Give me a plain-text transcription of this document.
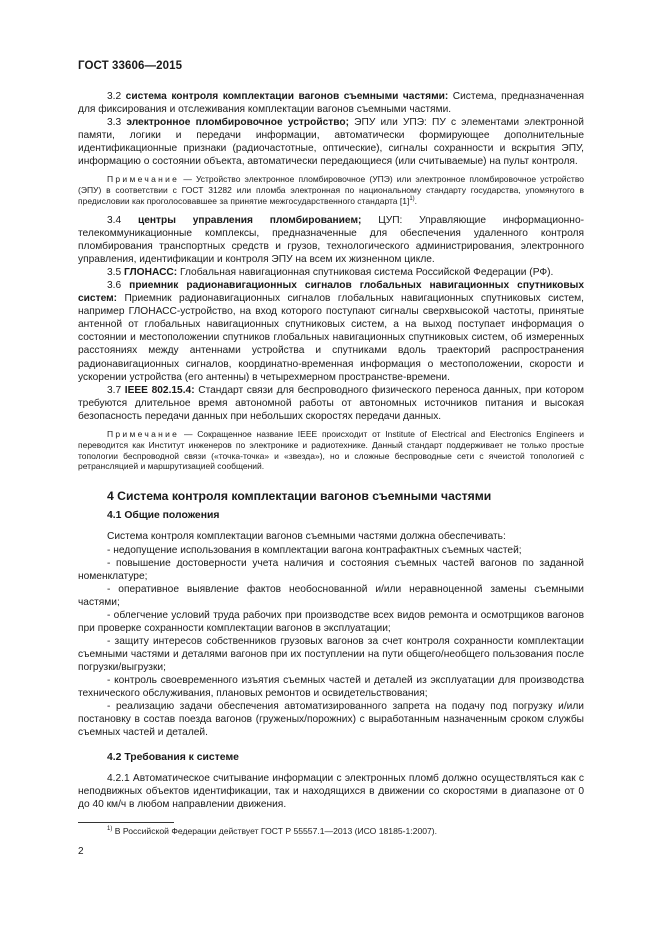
ГОСТ 33606—2015

3.2 система контроля комплектации вагонов съемными частями: Система, предназначенная для фиксирования и отслеживания комплектации вагонов съемными частями.

3.3 электронное пломбировочное устройство; ЭПУ или УПЭ: ПУ с элементами электронной памяти, логики и передачи информации, автоматически формирующее дополнительные идентификационные признаки (радиочастотные, оптические), сигналы сохранности и вскрытия ЭПУ, информацию о состоянии объекта, автоматически передающиеся (или считываемые) на пульт контроля.

Примечание — Устройство электронное пломбировочное (УПЭ) или электронное пломбировочное устройство (ЭПУ) в соответствии с ГОСТ 31282 или пломба электронная по национальному стандарту государства, упомянутого в предисловии как проголосовавшее за принятие межгосударственного стандарта $[1]^{1)}$.

3.4 центры управления пломбированием; ЦУП: Управляющие информационно-телекоммуникационные комплексы, предназначенные для обеспечения удаленного контроля пломбирования транспортных средств и грузов, технологического администрирования, электронного управления, идентификации и контроля ЭПУ на всем их жизненном цикле.

3.5 ГЛОНАСС: Глобальная навигационная спутниковая система Российской Федерации (РФ).

3.6 приемник радионавигационных сигналов глобальных навигационных спутниковых систем: Приемник радионавигационных сигналов глобальных навигационных спутниковых систем, например ГЛОНАСС-устройство, на вход которого поступают сигналы сверхвысокой частоты, принятые антенной от глобальных навигационных спутниковых систем, а на выход поступает информация о состоянии и местоположении спутников глобальных навигационных спутниковых систем, об измеренных расстояниях между антеннами устройства и спутниками вдоль траекторий распространения радионавигационных сигналов, координатно-временная информация о местоположении, скорости и ускорении устройства (его антенны) в четырехмерном пространстве-времени.

3.7 IEEE 802.15.4: Стандарт связи для беспроводного физического переноса данных, при котором требуются длительное время автономной работы от автономных источников питания и высокая безопасность передачи данных при небольших скоростях передачи данных.

Примечание — Сокращенное название IEEE происходит от Institute of Electrical and Electronics Engineers и переводится как Институт инженеров по электронике и радиотехнике. Данный стандарт поддерживает не только простые топологии беспроводной связи («точка-точка» и «звезда»), но и сложные беспроводные сети с ячеистой топологией с ретрансляцией и маршрутизацией сообщений.

4 Система контроля комплектации вагонов съемными частями

4.1 Общие положения

Система контроля комплектации вагонов съемными частями должна обеспечивать:

- недопущение использования в комплектации вагона контрафактных съемных частей;

- повышение достоверности учета наличия и состояния съемных частей вагонов по заданной номенклатуре;

- оперативное выявление фактов необоснованной и/или неравноценной замены съемными частями;

- облегчение условий труда рабочих при производстве всех видов ремонта и осмотрщиков вагонов при проверке сохранности комплектации вагонов в эксплуатации;

- защиту интересов собственников грузовых вагонов за счет контроля сохранности комплектации съемными частями и деталями вагонов при их поступлении на пути общего/необщего пользования после погрузки/выгрузки;

- контроль своевременного изъятия съемных частей и деталей из эксплуатации для производства технического обслуживания, плановых ремонтов и освидетельствования;

- реализацию задачи обеспечения автоматизированного запрета на подачу под погрузку и/или постановку в состав поезда вагонов (груженых/порожних) с выработанным назначенным сроком службы съемных частей и деталей.

4.2 Требования к системе

4.2.1 Автоматическое считывание информации с электронных пломб должно осуществляться как с неподвижных объектов идентификации, так и находящихся в движении со скоростями в диапазоне от 0 до 40 км/ч в любом направлении движения.

$^{1)}$ В Российской Федерации действует ГОСТ Р 55557.1—2013 (ИСО 18185-1:2007).
2
